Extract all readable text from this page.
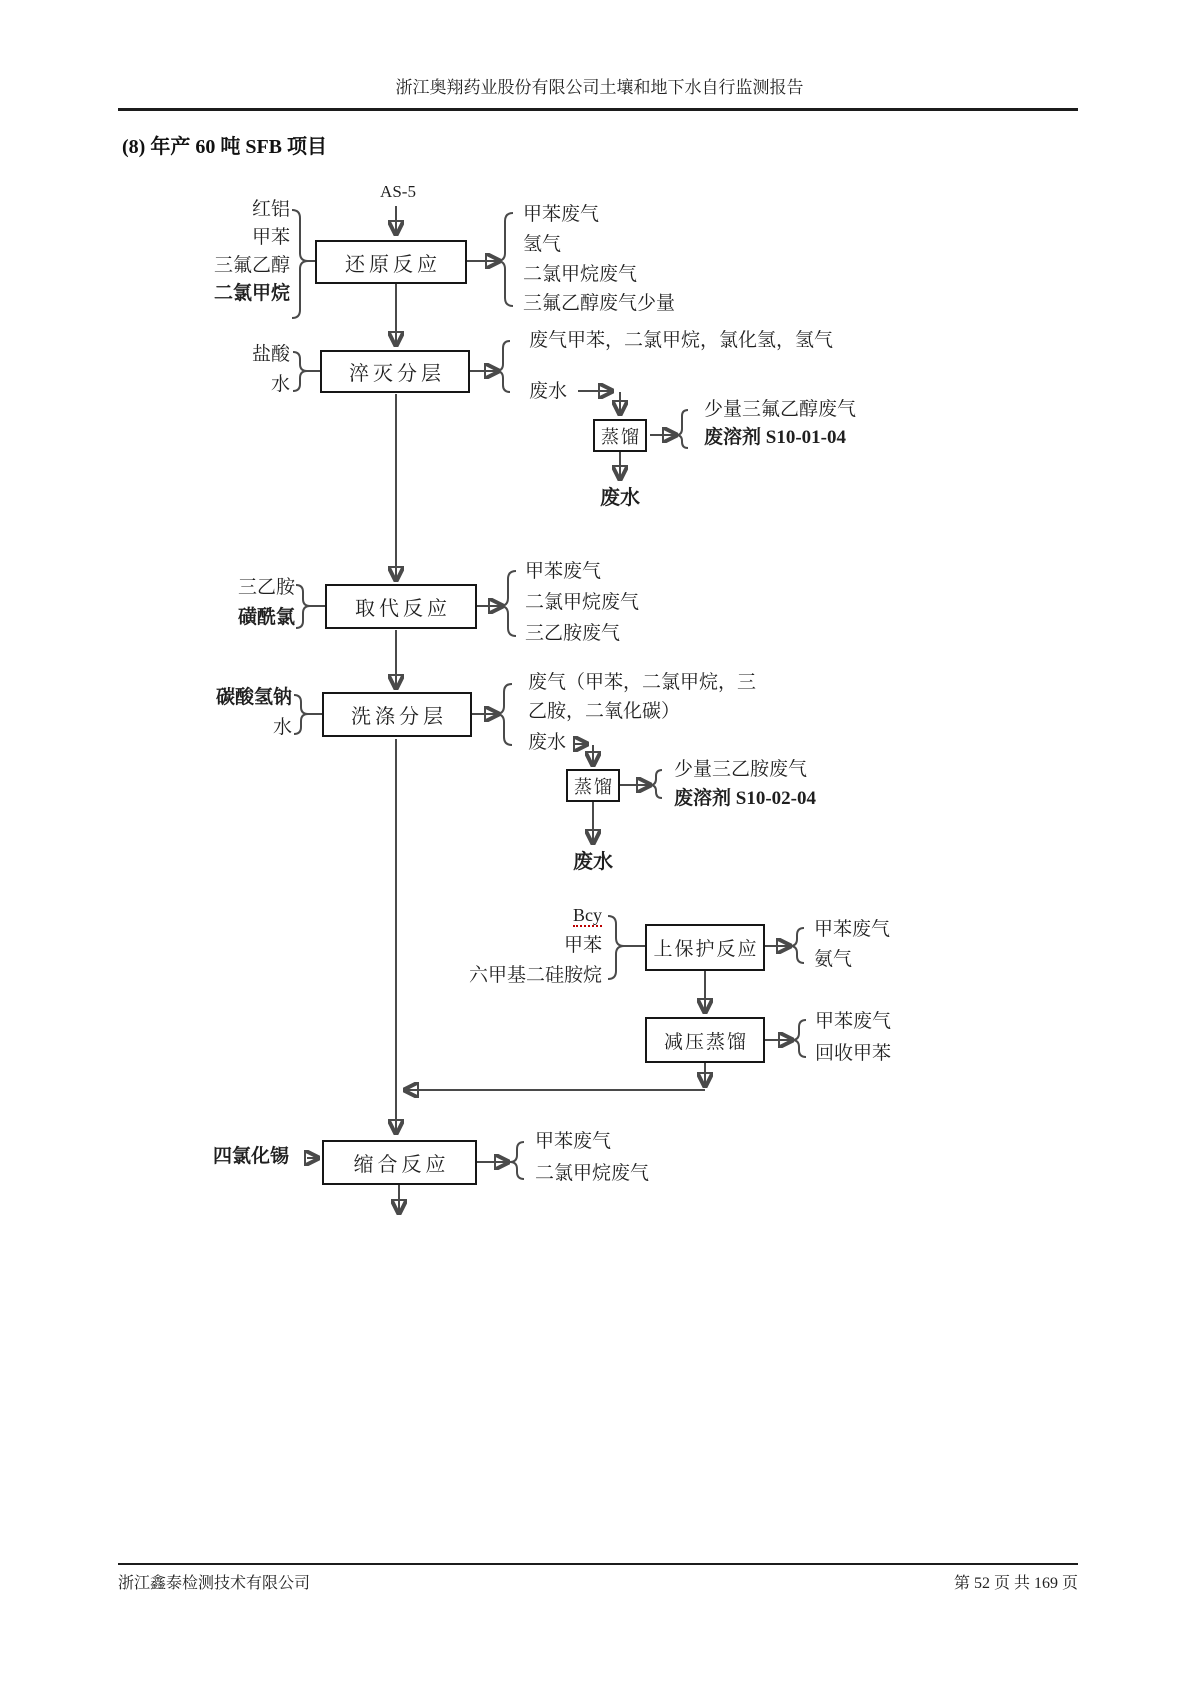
浙江奥翔药业股份有限公司土壤和地下水自行监测报告
(8) 年产 60 吨 SFB 项目
AS-5
红铝
甲苯
三氟乙醇
二氯甲烷
还原反应
甲苯废气
氢气
二氯甲烷废气
三氟乙醇废气少量
盐酸
水	淬灭分层
废气甲苯，二氯甲烷，氯化氢，氢气
废水
蒸馏
少量三氟乙醇废气
废溶剂 S10-01-04
废水
三乙胺
磺酰氯	取代反应
甲苯废气
二氯甲烷废气
三乙胺废气
碳酸氢钠
水	洗涤分层
废气（甲苯，二氯甲烷，三
乙胺，二氧化碳）
废水
蒸馏
少量三乙胺废气
废溶剂 S10-02-04
废水
Bcy
甲苯
六甲基二硅胺烷
上保护反应
甲苯废气
氨气
减压蒸馏
甲苯废气
回收甲苯
四氯化锡	缩合反应
甲苯废气
二氯甲烷废气
浙江鑫泰检测技术有限公司	第 52 页 共 169 页
